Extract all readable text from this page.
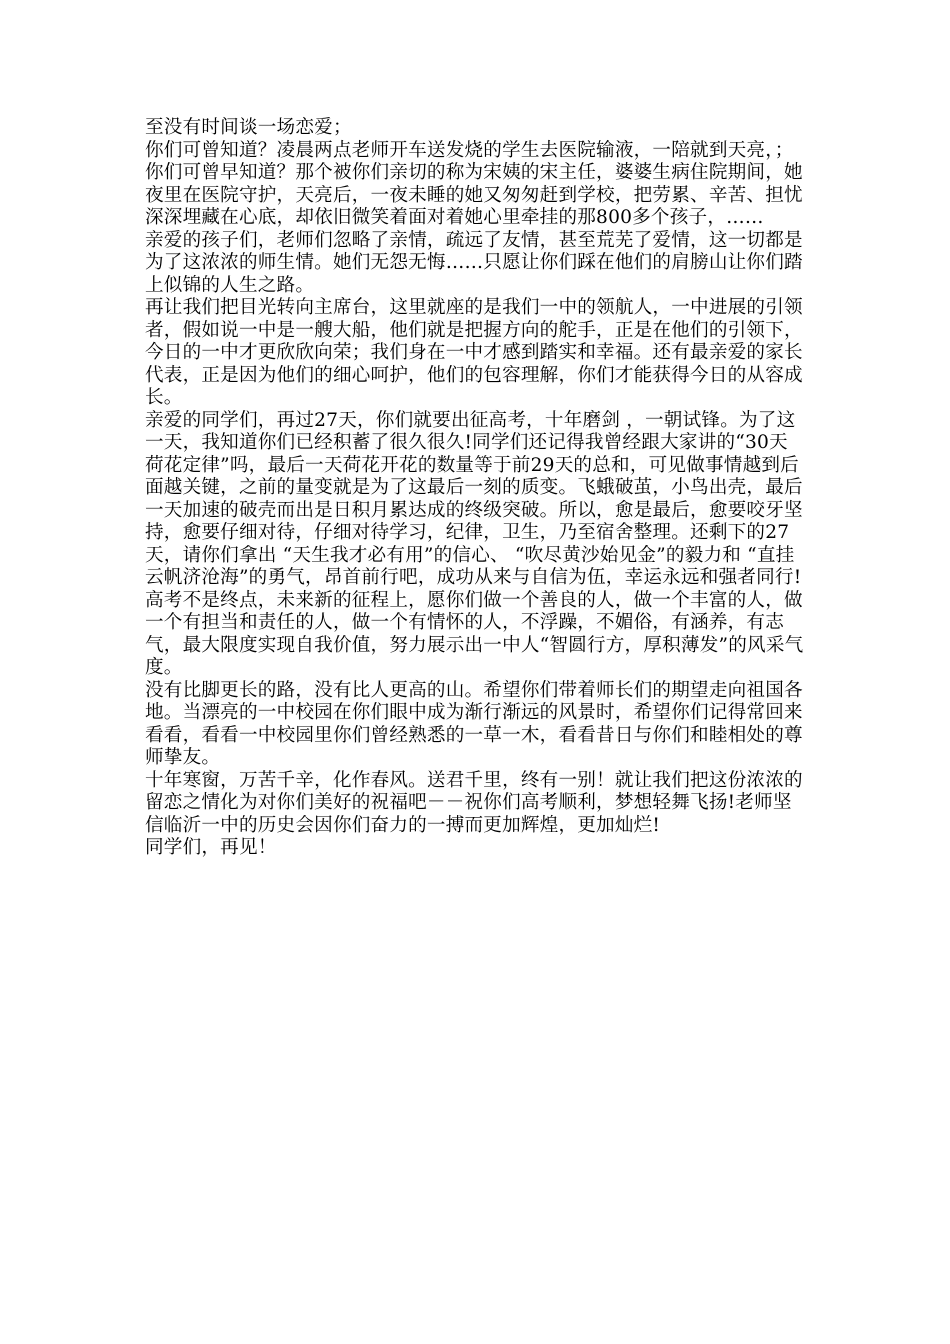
至没有时间谈一场恋爱；

你们可曾知道？凌晨两点老师开车送发烧的学生去医院输液，一陪就到天亮，；

你们可曾早知道？那个被你们亲切的称为宋姨的宋主任，婆婆生病住院期间，她夜里在医院守护，天亮后，一夜未睡的她又匆匆赶到学校，把劳累、辛苦、担忧深深埋藏在心底，却依旧微笑着面对着她心里牵挂的那800多个孩子，……

亲爱的孩子们，老师们忽略了亲情，疏远了友情，甚至荒芜了爱情，这一切都是为了这浓浓的师生情。她们无怨无悔……只愿让你们踩在他们的肩膀山让你们踏上似锦的人生之路。

再让我们把目光转向主席台，这里就座的是我们一中的领航人，一中进展的引领者，假如说一中是一艘大船，他们就是把握方向的舵手，正是在他们的引领下，今日的一中才更欣欣向荣；我们身在一中才感到踏实和幸福。还有最亲爱的家长代表，正是因为他们的细心呵护，他们的包容理解，你们才能获得今日的从容成长。

亲爱的同学们，再过27天，你们就要出征高考，十年磨剑 ，一朝试锋。为了这一天，我知道你们已经积蓄了很久很久!同学们还记得我曾经跟大家讲的“30天荷花定律”吗，最后一天荷花开花的数量等于前29天的总和，可见做事情越到后面越关键，之前的量变就是为了这最后一刻的质变。飞蛾破茧，小鸟出壳，最后一天加速的破壳而出是日积月累达成的终级突破。所以，愈是最后，愈要咬牙坚持，愈要仔细对待，仔细对待学习，纪律，卫生，乃至宿舍整理。还剩下的27天，请你们拿出 “天生我才必有用”的信心、 “吹尽黄沙始见金”的毅力和 “直挂云帆济沧海”的勇气，昂首前行吧，成功从来与自信为伍，幸运永远和强者同行!

高考不是终点，未来新的征程上，愿你们做一个善良的人，做一个丰富的人，做一个有担当和责任的人，做一个有情怀的人，不浮躁，不媚俗，有涵养，有志气，最大限度实现自我价值，努力展示出一中人“智圆行方，厚积薄发”的风采气度。

没有比脚更长的路，没有比人更高的山。希望你们带着师长们的期望走向祖国各地。当漂亮的一中校园在你们眼中成为渐行渐远的风景时，希望你们记得常回来看看，看看一中校园里你们曾经熟悉的一草一木，看看昔日与你们和睦相处的尊师挚友。

十年寒窗，万苦千辛，化作春风。送君千里，终有一别！就让我们把这份浓浓的留恋之情化为对你们美好的祝福吧－－祝你们高考顺利，梦想轻舞飞扬!老师坚信临沂一中的历史会因你们奋力的一搏而更加辉煌，更加灿烂!

同学们，再见！
